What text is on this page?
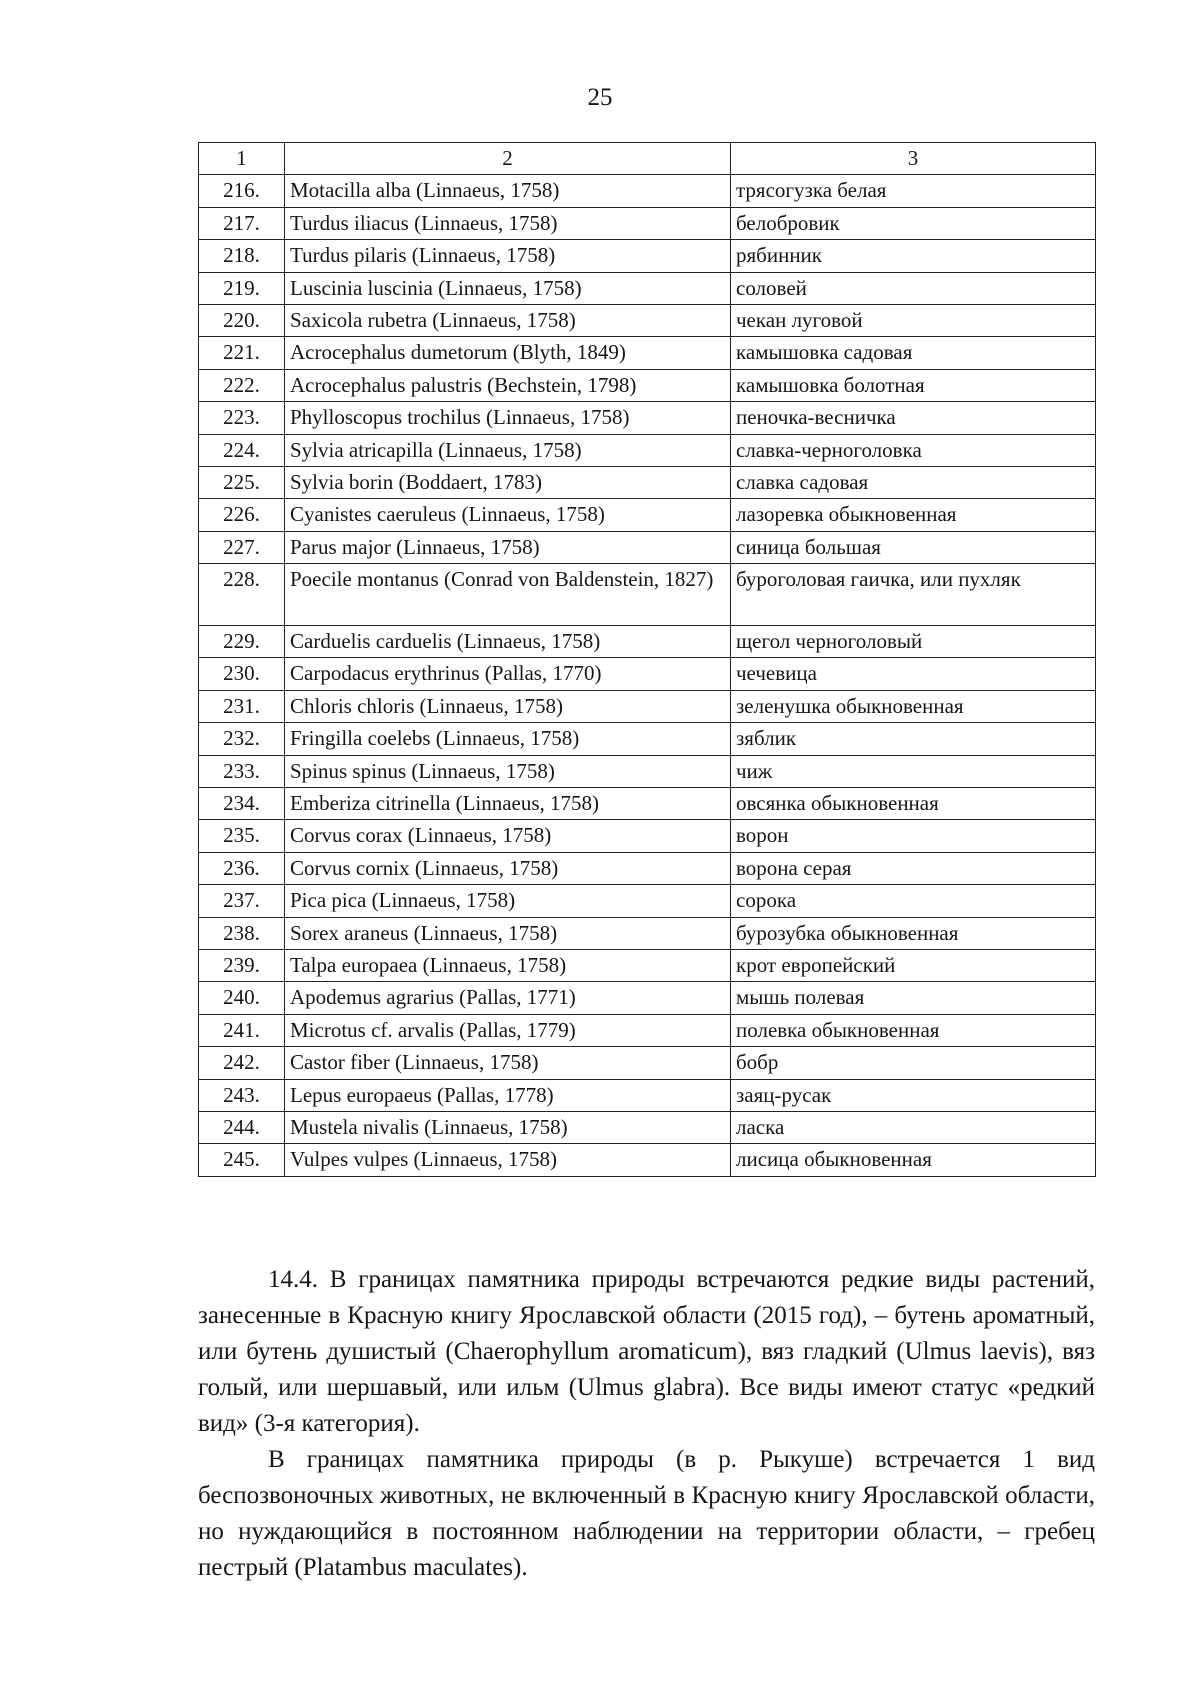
25
1	2	3
216.	Motacilla alba (Linnaeus, 1758)	трясогузка белая
217.	Turdus iliacus (Linnaeus, 1758)	белобровик
218.	Turdus pilaris (Linnaeus, 1758)	рябинник
219.	Luscinia luscinia (Linnaeus, 1758)	соловей
220.	Saxicola rubetra (Linnaeus, 1758)	чекан луговой
221.	Acrocephalus dumetorum (Blyth, 1849)	камышовка садовая
222.	Acrocephalus palustris (Bechstein, 1798)	камышовка болотная
223.	Phylloscopus trochilus (Linnaeus, 1758)	пеночка-весничка
224.	Sylvia atricapilla (Linnaeus, 1758)	славка-черноголовка
225.	Sylvia borin (Boddaert, 1783)	славка садовая
226.	Cyanistes caeruleus (Linnaeus, 1758)	лазоревка обыкновенная
227.	Parus major (Linnaeus, 1758)	синица большая
228.	Poecile montanus (Conrad von Baldenstein, 1827)	буроголовая гаичка, или пухляк
229.	Carduelis carduelis (Linnaeus, 1758)	щегол черноголовый
230.	Carpodacus erythrinus (Pallas, 1770)	чечевица
231.	Chloris chloris (Linnaeus, 1758)	зеленушка обыкновенная
232.	Fringilla coelebs (Linnaeus, 1758)	зяблик
233.	Spinus spinus (Linnaeus, 1758)	чиж
234.	Emberiza citrinella (Linnaeus, 1758)	овсянка обыкновенная
235.	Corvus corax (Linnaeus, 1758)	ворон
236.	Corvus cornix (Linnaeus, 1758)	ворона серая
237.	Pica pica (Linnaeus, 1758)	сорока
238.	Sorex araneus (Linnaeus, 1758)	бурозубка обыкновенная
239.	Talpa europaea (Linnaeus, 1758)	крот европейский
240.	Apodemus agrarius (Pallas, 1771)	мышь полевая
241.	Microtus cf. arvalis (Pallas, 1779)	полевка обыкновенная
242.	Castor fiber (Linnaeus, 1758)	бобр
243.	Lepus europaeus (Pallas, 1778)	заяц-русак
244.	Mustela nivalis (Linnaeus, 1758)	ласка
245.	Vulpes vulpes (Linnaeus, 1758)	лисица обыкновенная

14.4. В границах памятника природы встречаются редкие виды растений, занесенные в Красную книгу Ярославской области (2015 год), – бутень ароматный, или бутень душистый (Chaerophyllum aromaticum), вяз гладкий (Ulmus laevis), вяз голый, или шершавый, или ильм (Ulmus glabra). Все виды имеют статус «редкий вид» (3-я категория).

В границах памятника природы (в р. Рыкуше) встречается 1 вид беспозвоночных животных, не включенный в Красную книгу Ярославской области, но нуждающийся в постоянном наблюдении на территории области, – гребец пестрый (Platambus maculates).
